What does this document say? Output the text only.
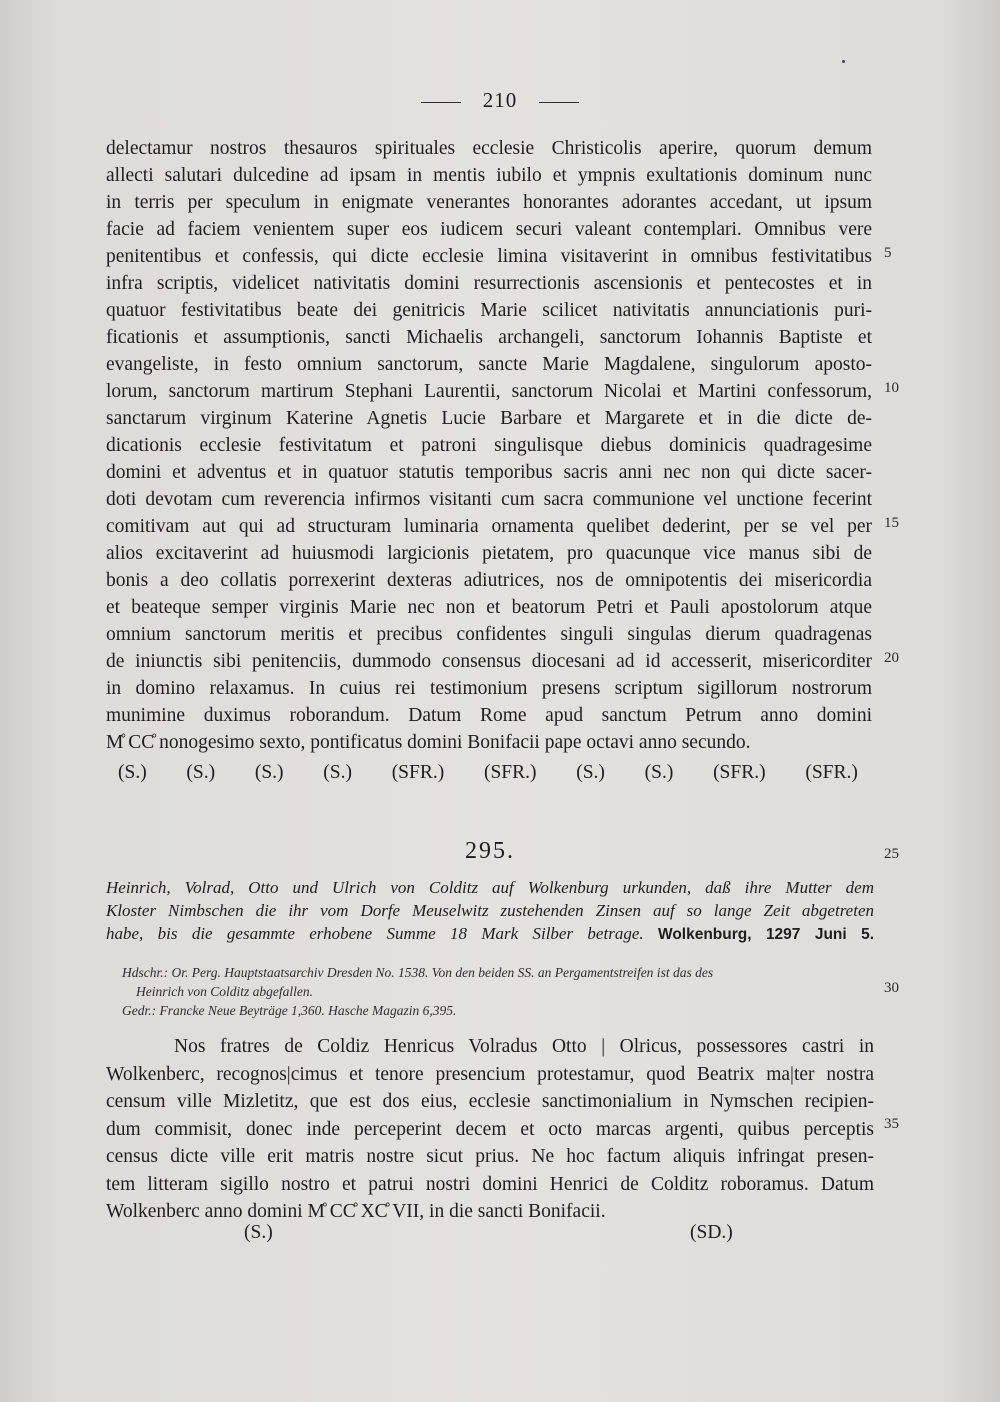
210
delectamur nostros thesauros spirituales ecclesie Christicolis aperire, quorum demum
allecti salutari dulcedine ad ipsam in mentis iubilo et ympnis exultationis dominum nunc
in terris per speculum in enigmate venerantes honorantes adorantes accedant, ut ipsum
facie ad faciem venientem super eos iudicem securi valeant contemplari. Omnibus vere
penitentibus et confessis, qui dicte ecclesie limina visitaverint in omnibus festivitatibus
infra scriptis, videlicet nativitatis domini resurrectionis ascensionis et pentecostes et in
quatuor festivitatibus beate dei genitricis Marie scilicet nativitatis annunciationis puri-
ficationis et assumptionis, sancti Michaelis archangeli, sanctorum Iohannis Baptiste et
evangeliste, in festo omnium sanctorum, sancte Marie Magdalene, singulorum aposto-
lorum, sanctorum martirum Stephani Laurentii, sanctorum Nicolai et Martini confessorum,
sanctarum virginum Katerine Agnetis Lucie Barbare et Margarete et in die dicte de-
dicationis ecclesie festivitatum et patroni singulisque diebus dominicis quadragesime
domini et adventus et in quatuor statutis temporibus sacris anni nec non qui dicte sacer-
doti devotam cum reverencia infirmos visitanti cum sacra communione vel unctione fecerint
comitivam aut qui ad structuram luminaria ornamenta quelibet dederint, per se vel per
alios excitaverint ad huiusmodi largicionis pietatem, pro quacunque vice manus sibi de
bonis a deo collatis porrexerint dexteras adiutrices, nos de omnipotentis dei misericordia
et beateque semper virginis Marie nec non et beatorum Petri et Pauli apostolorum atque
omnium sanctorum meritis et precibus confidentes singuli singulas dierum quadragenas
de iniunctis sibi penitenciis, dummodo consensus diocesani ad id accesserit, misericorditer
in domino relaxamus. In cuius rei testimonium presens scriptum sigillorum nostrorum
munimine duximus roborandum. Datum Rome apud sanctum Petrum anno domini
M̊ CC̊ nonogesimo sexto, pontificatus domini Bonifacii pape octavi anno secundo.
5
10
15
20
(S.) (S.) (S.) (S.) (SFR.) (SFR.) (S.) (S.) (SFR.) (SFR.)
295.	25
Heinrich, Volrad, Otto und Ulrich von Colditz auf Wolkenburg urkunden, daß ihre Mutter dem
Kloster Nimbschen die ihr vom Dorfe Meuselwitz zustehenden Zinsen auf so lange Zeit abgetreten
habe, bis die gesammte erhobene Summe 18 Mark Silber betrage. Wolkenburg, 1297 Juni 5.
Hdschr.: Or. Perg. Hauptstaatsarchiv Dresden No. 1538. Von den beiden SS. an Pergamentstreifen ist das des
Heinrich von Colditz abgefallen.
Gedr.: Francke Neue Beyträge 1,360. Hasche Magazin 6,395.
30
Nos fratres de Coldiz Henricus Volradus Otto | Olricus, possessores castri in
Wolkenberc, recognos|cimus et tenore presencium protestamur, quod Beatrix ma|ter nostra
censum ville Mizletitz, que est dos eius, ecclesie sanctimonialium in Nymschen recipien-
dum commisit, donec inde perceperint decem et octo marcas argenti, quibus perceptis
census dicte ville erit matris nostre sicut prius. Ne hoc factum aliquis infringat presen-
tem litteram sigillo nostro et patrui nostri domini Henrici de Colditz roboramus. Datum
Wolkenberc anno domini M̊ CC̊ XC̊ VII, in die sancti Bonifacii.
35
(S.)	(SD.)
